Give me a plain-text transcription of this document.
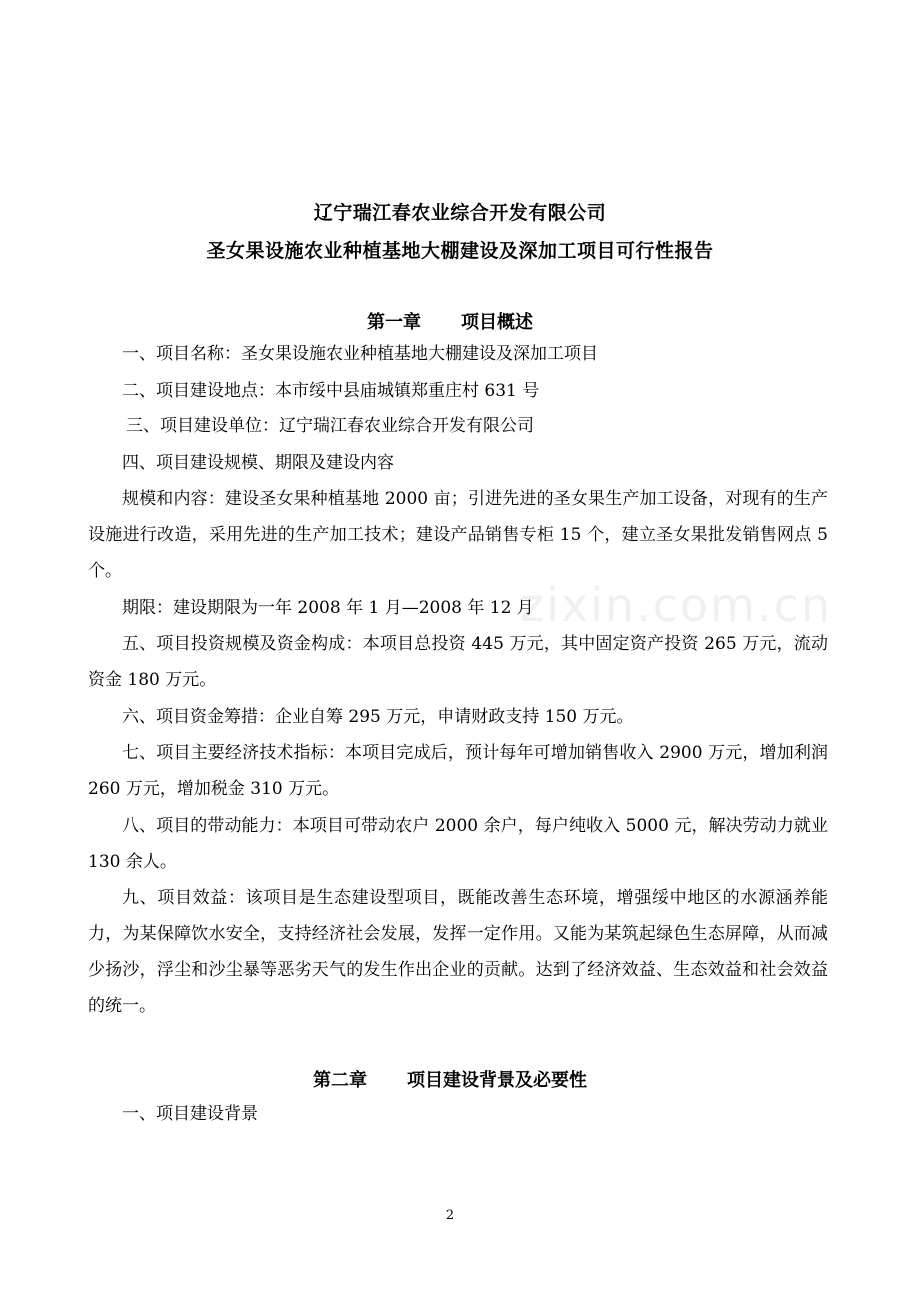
辽宁瑞江春农业综合开发有限公司
圣女果设施农业种植基地大棚建设及深加工项目可行性报告
第一章 项目概述
一、项目名称：圣女果设施农业种植基地大棚建设及深加工项目
二、项目建设地点：本市绥中县庙城镇郑重庄村 631 号
三、项目建设单位：辽宁瑞江春农业综合开发有限公司
四、项目建设规模、期限及建设内容
规模和内容：建设圣女果种植基地 2000 亩；引进先进的圣女果生产加工设备，对现有的生产设施进行改造，采用先进的生产加工技术；建设产品销售专柜 15 个，建立圣女果批发销售网点 5 个。
期限：建设期限为一年 2008 年 1 月—2008 年 12 月
五、项目投资规模及资金构成：本项目总投资 445 万元，其中固定资产投资 265 万元，流动资金 180 万元。
六、项目资金筹措：企业自筹 295 万元，申请财政支持 150 万元。
七、项目主要经济技术指标：本项目完成后，预计每年可增加销售收入 2900 万元，增加利润 260 万元，增加税金 310 万元。
八、项目的带动能力：本项目可带动农户 2000 余户，每户纯收入 5000 元，解决劳动力就业 130 余人。
九、项目效益：该项目是生态建设型项目，既能改善生态环境，增强绥中地区的水源涵养能力，为某保障饮水安全，支持经济社会发展，发挥一定作用。又能为某筑起绿色生态屏障，从而减少扬沙，浮尘和沙尘暴等恶劣天气的发生作出企业的贡献。达到了经济效益、生态效益和社会效益的统一。
第二章 项目建设背景及必要性
一、项目建设背景
zixin.com.cn
2
